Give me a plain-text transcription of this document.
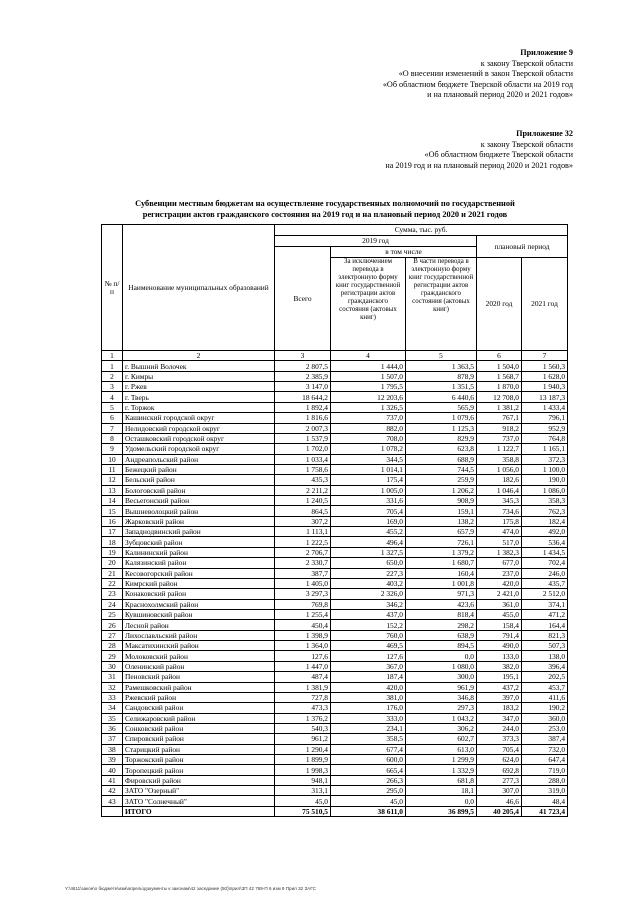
Приложение 9
к закону Тверской области
«О внесении изменений в закон Тверской области
«Об областном бюджете Тверской области на 2019 год
и на плановый период 2020 и 2021 годов»
Приложение 32
к закону Тверской области
«Об областном бюджете Тверской области
на 2019 год и на плановый период 2020 и 2021 годов»
Субвенции местным бюджетам на осуществление государственных полномочий по государственной
регистрации актов гражданского состояния на 2019 год и на плановый период 2020 и 2021 годов
№ п/п	Наименование муниципальных образований	Сумма, тыс. руб.				
		2019 год			плановый период	
		Всего	в том числе			
			За исключением перевода в электронную форму книг государственной регистрации актов гражданского состояния (актовых книг)	В части перевода в электронную форму книг государственной регистрации актов гражданского состояния (актовых книг)	2020 год	2021 год
1	2	3	4	5	6	7
1	г. Вышний Волочек	2 807,5	1 444,0	1 363,5	1 504,0	1 560,3
2	г. Кимры	2 385,9	1 507,0	878,9	1 568,7	1 628,0
3	г. Ржев	3 147,0	1 795,5	1 351,5	1 870,0	1 940,3
4	г. Тверь	18 644,2	12 203,6	6 440,6	12 708,0	13 187,3
5	г. Торжок	1 892,4	1 326,5	565,9	1 381,2	1 433,4
6	Кашинский городской округ	1 816,6	737,0	1 079,6	767,1	796,1
7	Нелидовский городской округ	2 007,3	882,0	1 125,3	918,2	952,9
8	Осташковский городской округ	1 537,9	708,0	829,9	737,0	764,8
9	Удомельский городской округ	1 702,0	1 078,2	623,8	1 122,7	1 165,1
10	Андреапольский район	1 033,4	344,5	688,9	358,8	372,3
11	Бежецкий район	1 758,6	1 014,1	744,5	1 056,0	1 100,0
12	Бельский район	435,3	175,4	259,9	182,6	190,0
13	Бологовский район	2 211,2	1 005,0	1 206,2	1 046,4	1 086,0
14	Весьегонский район	1 240,5	331,6	908,9	345,3	358,3
15	Вышневолоцкий район	864,5	705,4	159,1	734,6	762,3
16	Жарковский район	307,2	169,0	138,2	175,8	182,4
17	Западнодвинский район	1 113,1	455,2	657,9	474,0	492,0
18	Зубцовский район	1 222,5	496,4	726,1	517,0	536,4
19	Калининский район	2 706,7	1 327,5	1 379,2	1 382,3	1 434,5
20	Калязинский район	2 330,7	650,0	1 680,7	677,0	702,4
21	Кесовогорский район	387,7	227,3	160,4	237,0	246,0
22	Кимрский район	1 405,0	403,2	1 001,8	420,0	435,7
23	Конаковский район	3 297,3	2 326,0	971,3	2 421,0	2 512,0
24	Краснохолмский район	769,8	346,2	423,6	361,0	374,1
25	Кувшиновский район	1 255,4	437,0	818,4	455,0	471,2
26	Лесной район	450,4	152,2	298,2	158,4	164,4
27	Лихославльский район	1 398,9	760,0	638,9	791,4	821,3
28	Максатихинский район	1 364,0	469,5	894,5	490,0	507,3
29	Молоковский район	127,6	127,6	0,0	133,0	138,0
30	Оленинский район	1 447,0	367,0	1 080,0	382,0	396,4
31	Пеновский район	487,4	187,4	300,0	195,1	202,5
32	Рамешковский район	1 381,9	420,0	961,9	437,2	453,7
33	Ржевский район	727,8	381,0	346,8	397,0	411,6
34	Сандовский район	473,3	176,0	297,3	183,2	190,2
35	Селижаровский район	1 376,2	333,0	1 043,2	347,0	360,0
36	Сонковский район	540,3	234,1	306,2	244,0	253,0
37	Спировский район	961,2	358,5	602,7	373,3	387,4
38	Старицкий район	1 290,4	677,4	613,0	705,4	732,0
39	Торжокский район	1 899,9	600,0	1 299,9	624,0	647,4
40	Торопецкий район	1 998,3	665,4	1 332,9	692,8	719,0
41	Фировский район	948,1	266,3	681,8	277,3	288,0
42	ЗАТО "Озерный"	313,1	295,0	18,1	307,0	319,0
43	ЗАТО "Солнечный"	45,0	45,0	0,0	46,6	48,4
	ИТОГО	75 510,5	38 611,0	36 899,5	40 205,4	41 723,4
Y:\4611\закон\о бюджете\изм\апрель\документы к законам\42 заседание (50)\прил\ЗП 42 769-П 6 изм 9 Прил 32 ЗАГС
